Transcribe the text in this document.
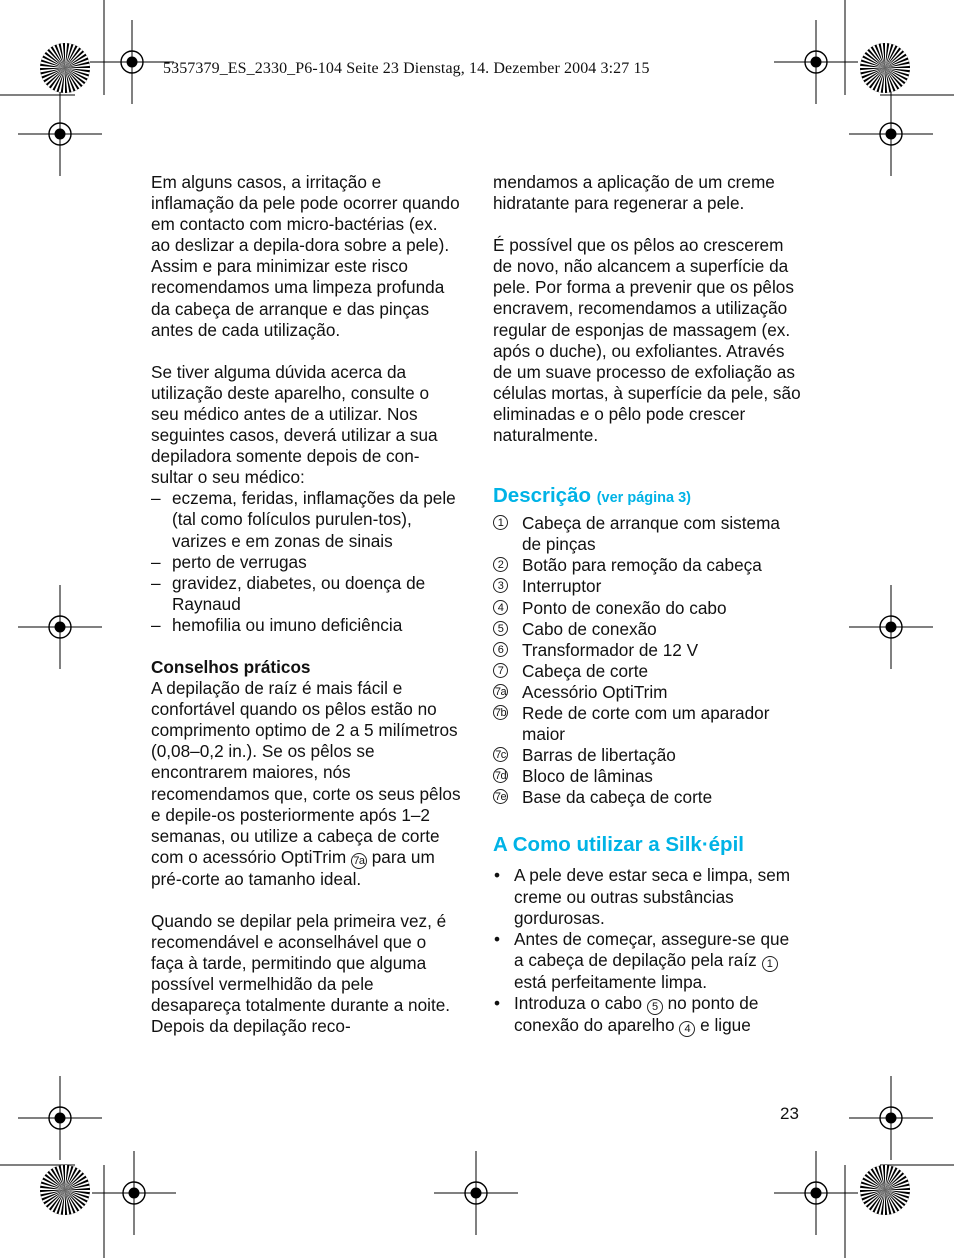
5357379_ES_2330_P6-104 Seite 23 Dienstag, 14. Dezember 2004 3:27 15

Em alguns casos, a irritação e inflamação da pele pode ocorrer quando em contacto com micro-bactérias (ex. ao deslizar a depila-dora sobre a pele). Assim e para minimizar este risco recomendamos uma limpeza profunda da cabeça de arranque e das pinças antes de cada utilização.

Se tiver alguma dúvida acerca da utilização deste aparelho, consulte o seu médico antes de a utilizar. Nos seguintes casos, deverá utilizar a sua depiladora somente depois de con-sultar o seu médico:

– eczema, feridas, inflamações da pele (tal como folículos purulen-tos), varizes e em zonas de sinais
– perto de verrugas
– gravidez, diabetes, ou doença de Raynaud
– hemofilia ou imuno deficiência

Conselhos práticos

A depilação de raíz é mais fácil e confortável quando os pêlos estão no comprimento optimo de 2 a 5 milímetros (0,08–0,2 in.). Se os pêlos se encontrarem maiores, nós recomendamos que, corte os seus pêlos e depile-os posteriormente após 1–2 semanas, ou utilize a cabeça de corte com o acessório OptiTrim 7a para um pré-corte ao tamanho ideal.

Quando se depilar pela primeira vez, é recomendável e aconselhável que o faça à tarde, permitindo que alguma possível vermelhidão da pele desapareça totalmente durante a noite. Depois da depilação reco-

mendamos a aplicação de um creme hidratante para regenerar a pele.

É possível que os pêlos ao crescerem de novo, não alcancem a superfície da pele. Por forma a prevenir que os pêlos encravem, recomendamos a utilização regular de esponjas de massagem (ex. após o duche), ou exfoliantes. Através de um suave processo de exfoliação as células mortas, à superfície da pele, são eliminadas e o pêlo pode crescer naturalmente.

Descrição (ver página 3)
1 Cabeça de arranque com sistema de pinças
2 Botão para remoção da cabeça
3 Interruptor
4 Ponto de conexão do cabo
5 Cabo de conexão
6 Transformador de 12 V
7 Cabeça de corte
7a Acessório OptiTrim
7b Rede de corte com um aparador maior
7c Barras de libertação
7d Bloco de lâminas
7e Base da cabeça de corte
A Como utilizar a Silk·épil
• A pele deve estar seca e limpa, sem creme ou outras substâncias gordurosas.
• Antes de começar, assegure-se que a cabeça de depilação pela raíz 1 está perfeitamente limpa.
• Introduza o cabo 5 no ponto de conexão do aparelho 4 e ligue
23
